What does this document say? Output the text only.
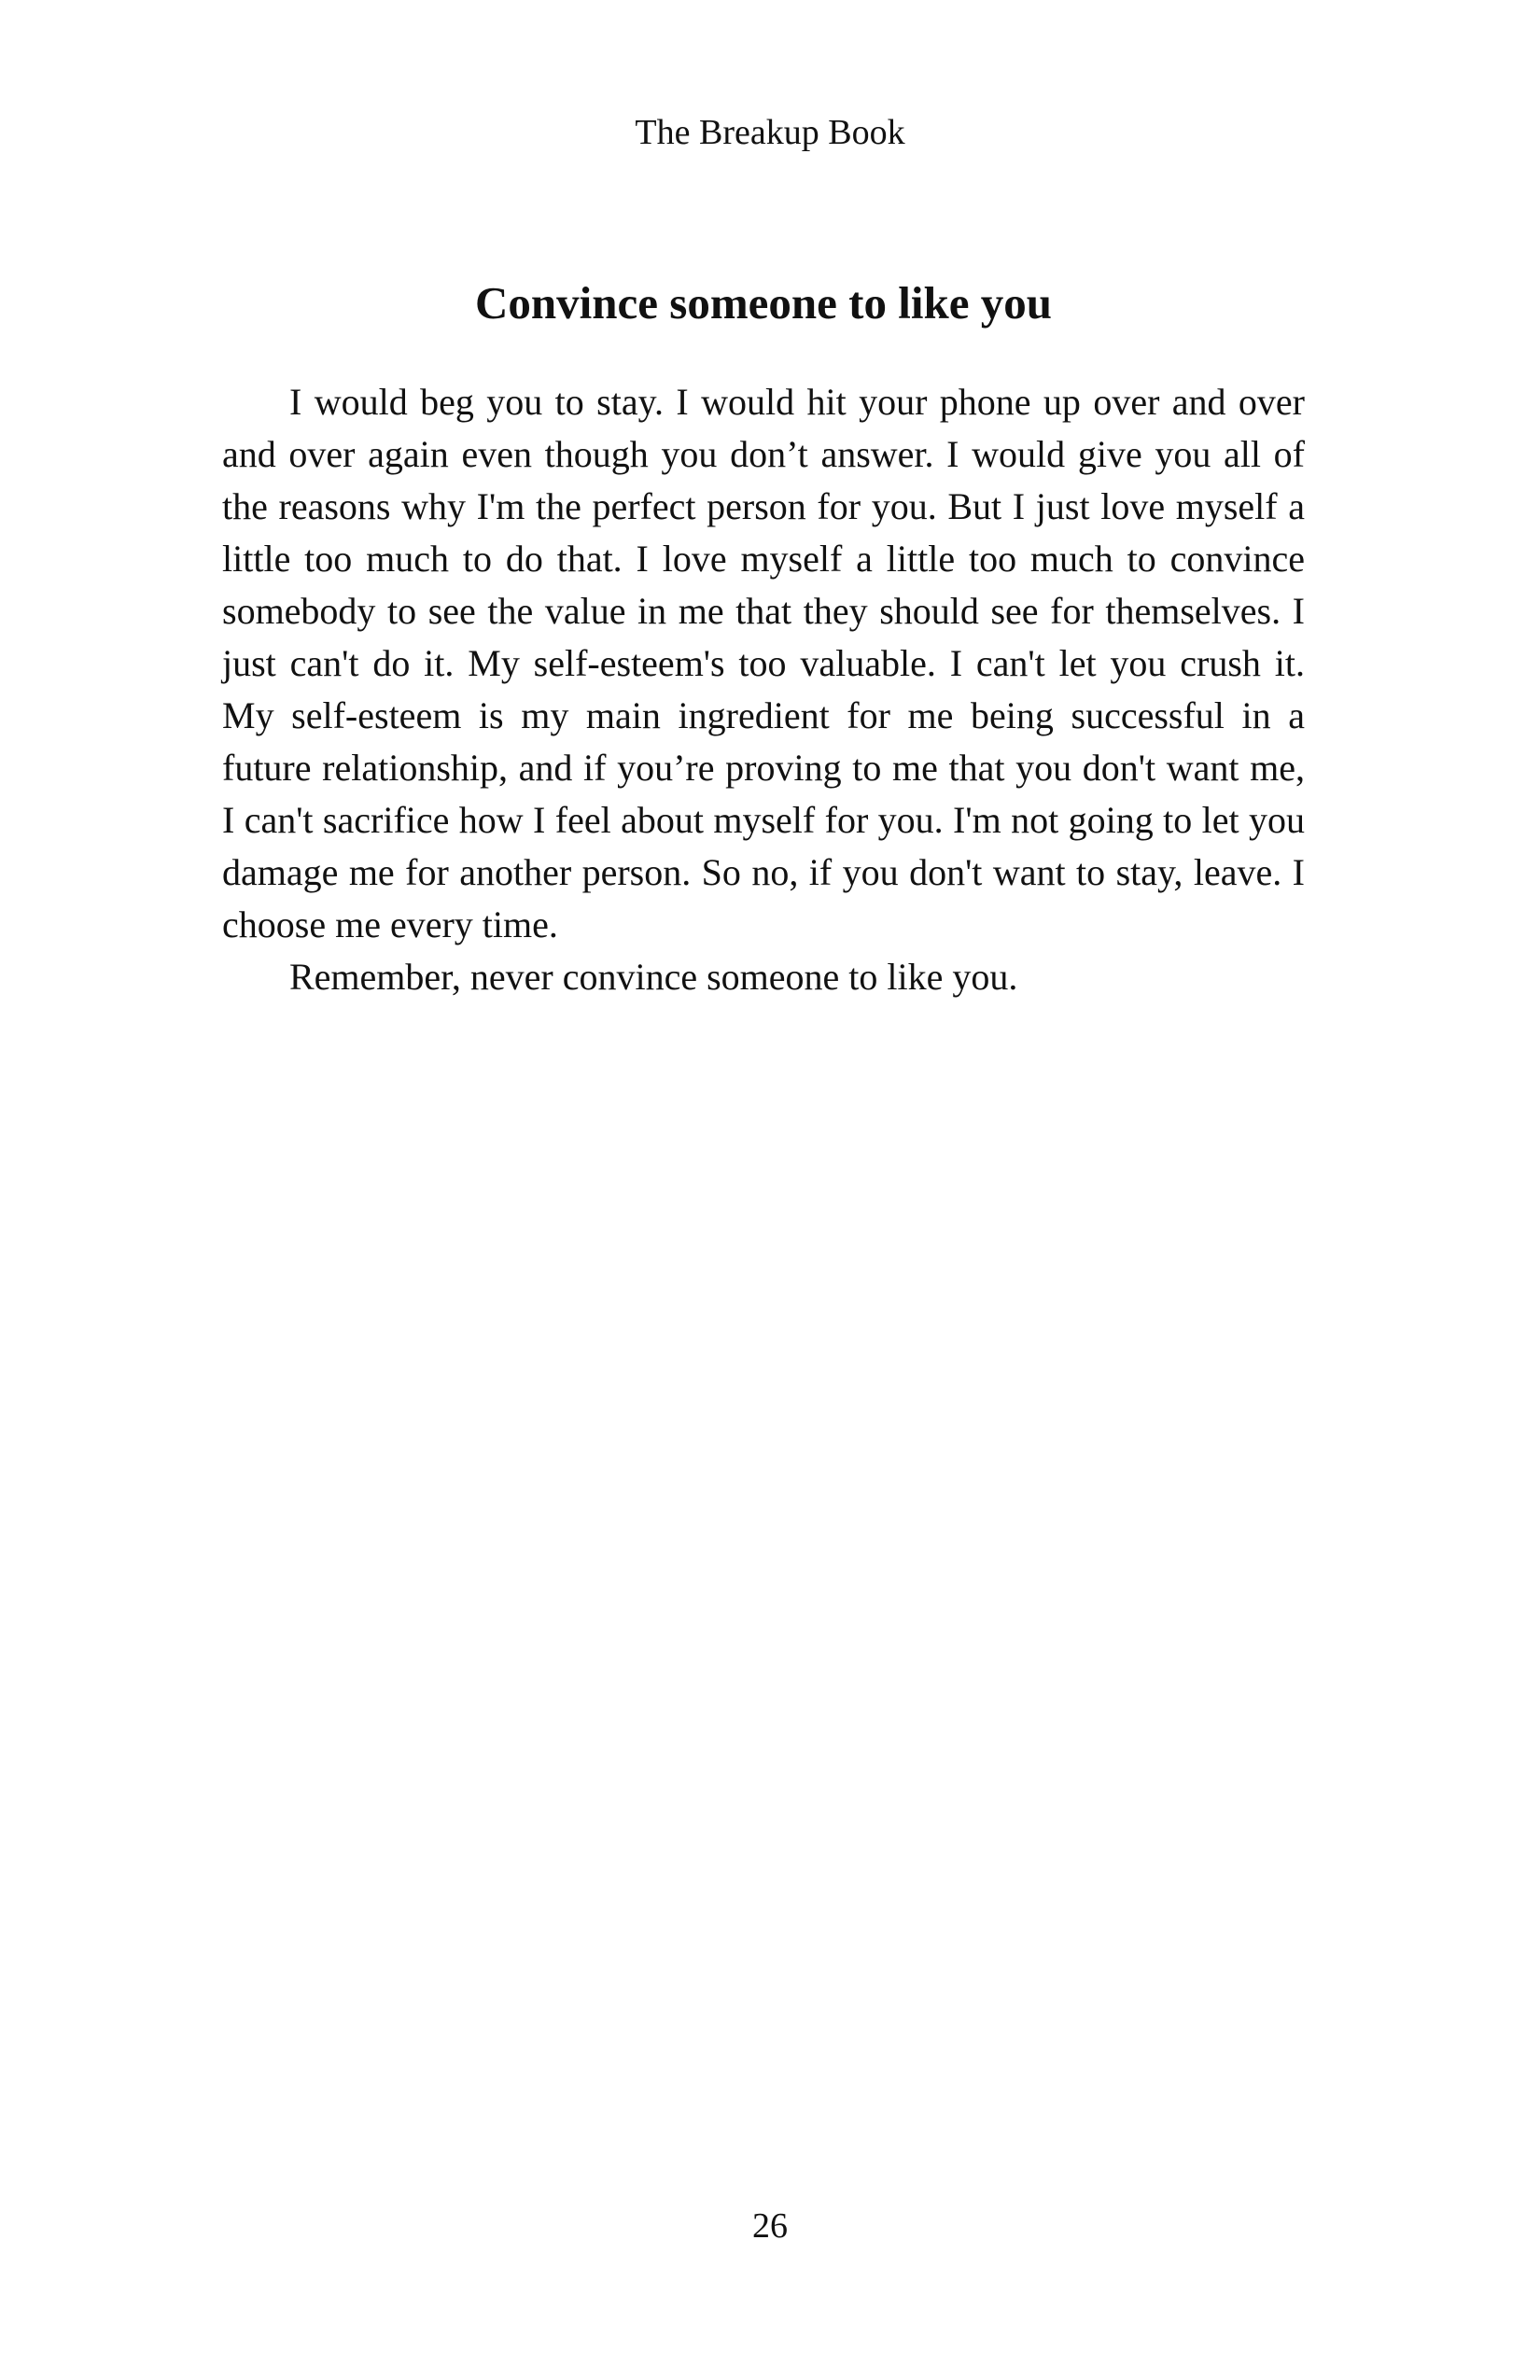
The Breakup Book
Convince someone to like you

I would beg you to stay. I would hit your phone up over and over and over again even though you don’t answer. I would give you all of the reasons why I'm the perfect person for you. But I just love myself a little too much to do that. I love myself a little too much to convince somebody to see the value in me that they should see for themselves. I just can't do it. My self-esteem's too valuable. I can't let you crush it. My self-esteem is my main ingredient for me being successful in a future relationship, and if you’re proving to me that you don't want me, I can't sacrifice how I feel about myself for you. I'm not going to let you damage me for another person. So no, if you don't want to stay, leave. I choose me every time.

Remember, never convince someone to like you.

26
